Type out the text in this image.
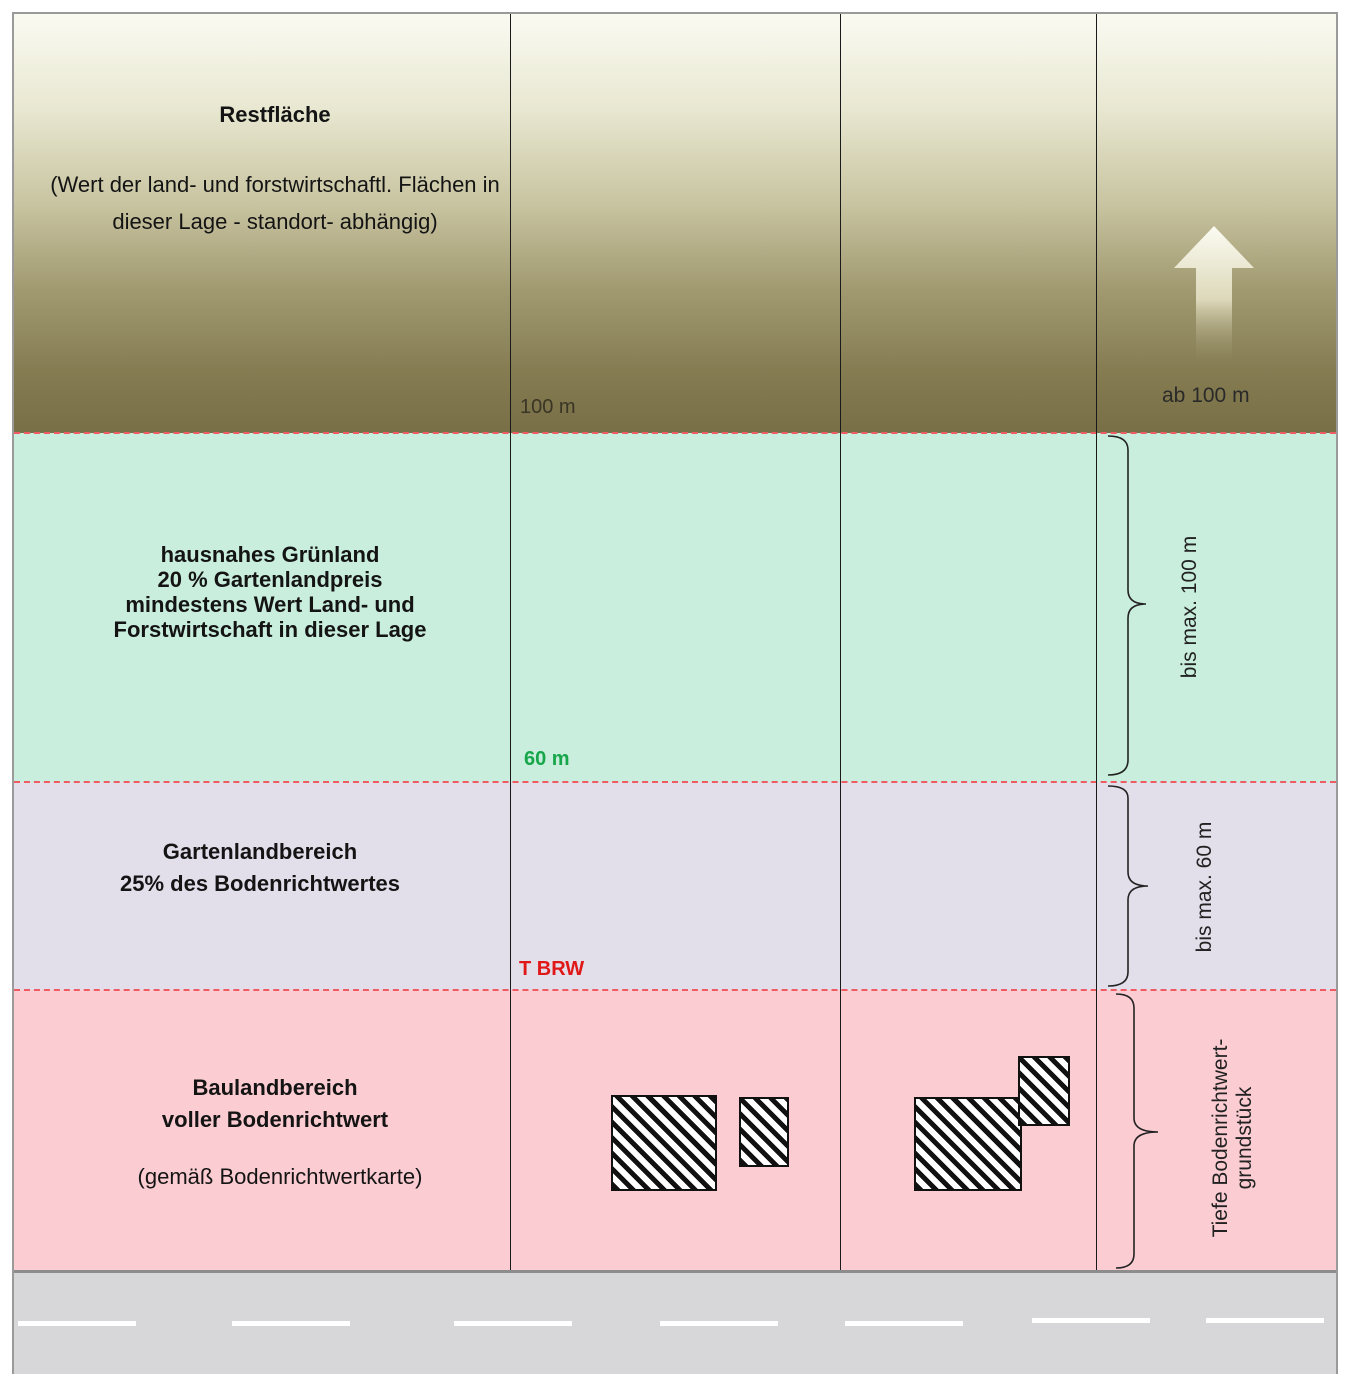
Restfläche
(Wert der land- und forstwirtschaftl. Flächen in dieser Lage - standort- abhängig)
hausnahes Grünland
20 % Gartenlandpreis
mindestens Wert Land- und
Forstwirtschaft in dieser Lage
Gartenlandbereich
25% des Bodenrichtwertes
Baulandbereich
voller Bodenrichtwert
(gemäß Bodenrichtwertkarte)
100 m
60 m
T BRW
ab 100 m
bis max. 100 m
bis max. 60 m
Tiefe Bodenrichtwert- grundstück
